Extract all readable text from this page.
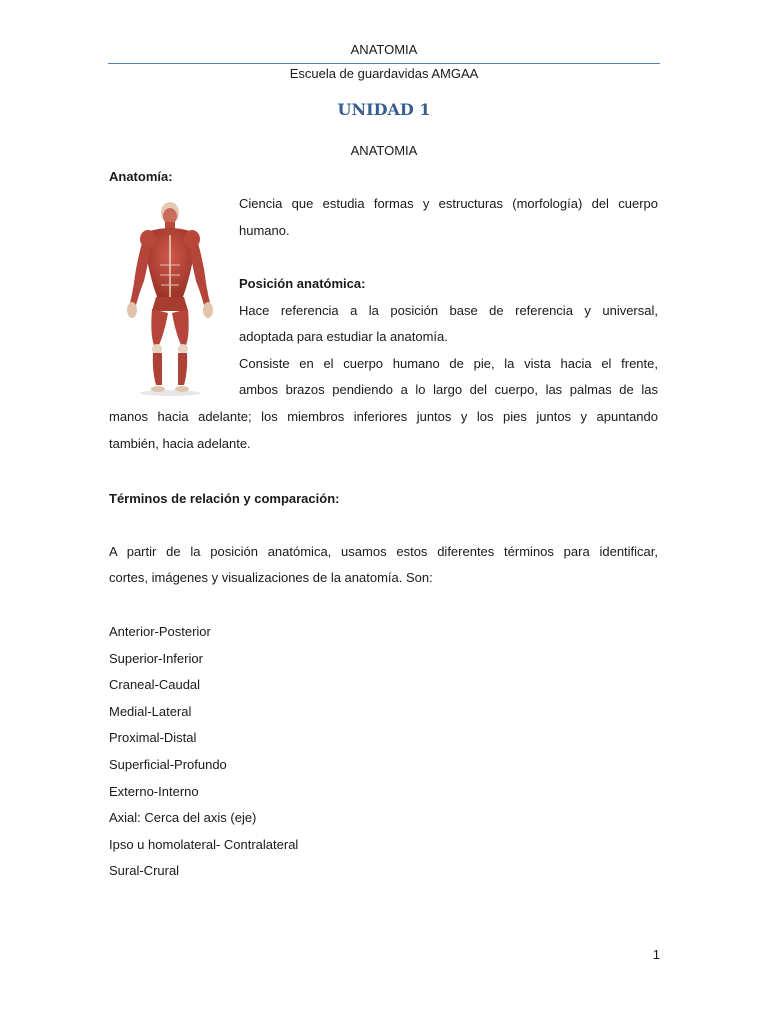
ANATOMIA
Escuela de guardavidas AMGAA
UNIDAD 1
ANATOMIA
Anatomía:
Ciencia que estudia formas y estructuras (morfología) del cuerpo
humano.
Posición anatómica:
Hace referencia a la posición base de referencia y universal,
adoptada para estudiar la anatomía.
Consiste en el cuerpo humano de pie, la vista hacia el frente,
ambos brazos pendiendo a lo largo del cuerpo, las palmas de las
manos hacia adelante; los miembros inferiores juntos y los pies juntos y apuntando
también, hacia adelante.
Términos de relación y comparación:
A partir de la posición anatómica, usamos estos diferentes términos para identificar,
cortes, imágenes y visualizaciones de la anatomía. Son:
Anterior-Posterior
Superior-Inferior
Craneal-Caudal
Medial-Lateral
Proximal-Distal
Superficial-Profundo
Externo-Interno
Axial: Cerca del axis (eje)
Ipso u homolateral- Contralateral
Sural-Crural
1
